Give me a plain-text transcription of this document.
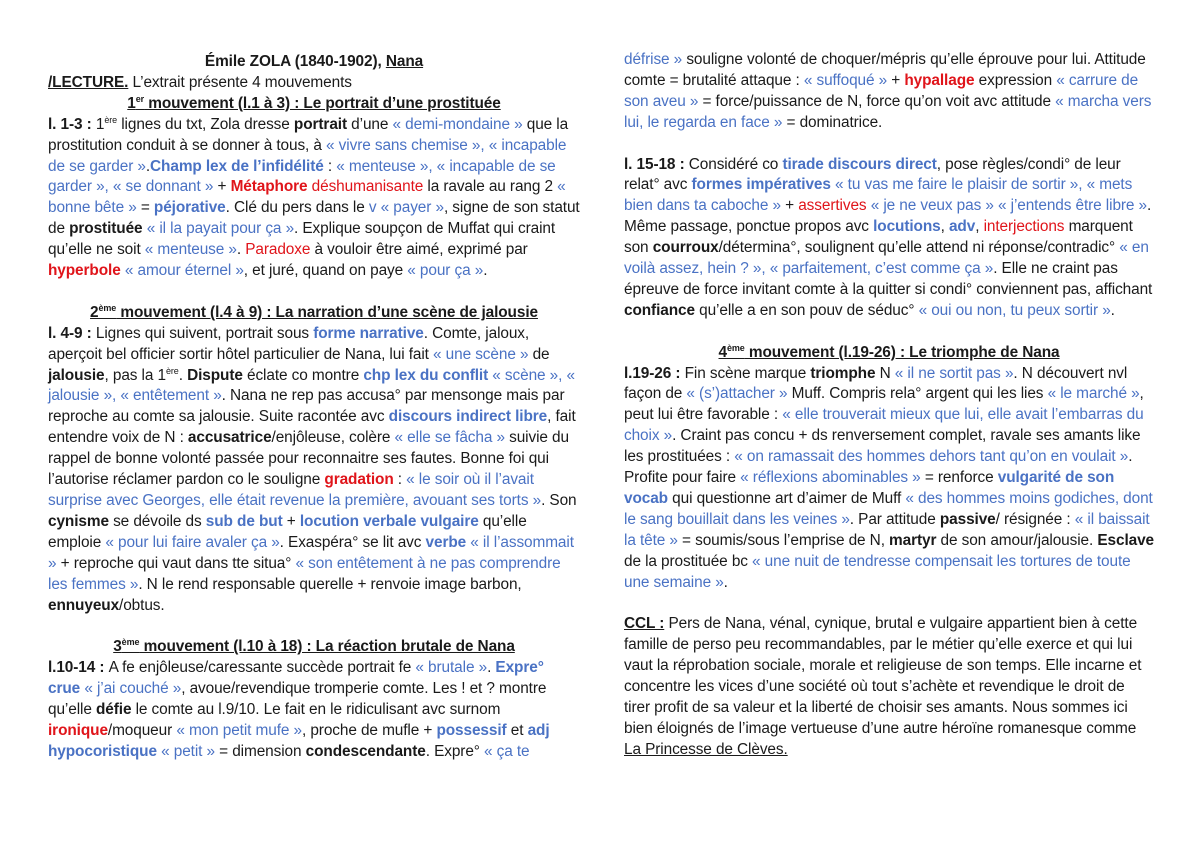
Émile ZOLA (1840-1902), Nana

/LECTURE. L’extrait présente 4 mouvements

1er mouvement (l.1 à 3) : Le portrait d’une prostituée

l. 1-3 : 1ère lignes du txt, Zola dresse portrait d’une « demi-mondaine » que la prostitution conduit à se donner à tous, à « vivre sans chemise », « incapable de se garder ».Champ lex de l’infidélité : « menteuse », « incapable de se garder », « se donnant » + Métaphore déshumanisante la ravale au rang 2 « bonne bête » = péjorative. Clé du pers dans le v « payer », signe de son statut de prostituée « il la payait pour ça ». Explique soupçon de Muffat qui craint qu’elle ne soit « menteuse ». Paradoxe à vouloir être aimé, exprimé par hyperbole « amour éternel », et juré, quand on paye « pour ça ».

2ème mouvement (l.4 à 9) : La narration d’une scène de jalousie

l. 4-9 : Lignes qui suivent, portrait sous forme narrative. Comte, jaloux, aperçoit bel officier sortir hôtel particulier de Nana, lui fait « une scène » de jalousie, pas la 1ère. Dispute éclate co montre chp lex du conflit « scène », « jalousie », « entêtement ». Nana ne rep pas accusa° par mensonge mais par reproche au comte sa jalousie. Suite racontée avc discours indirect libre, fait entendre voix de N : accusatrice/enjôleuse, colère « elle se fâcha » suivie du rappel de bonne volonté passée pour reconnaitre ses fautes. Bonne foi qui l’autorise réclamer pardon co le souligne gradation : « le soir où il l’avait surprise avec Georges, elle était revenue la première, avouant ses torts ». Son cynisme se dévoile ds sub de but + locution verbale vulgaire qu’elle emploie « pour lui faire avaler ça ». Exaspéra° se lit avc verbe « il l’assommait » + reproche qui vaut dans tte situa° « son entêtement à ne pas comprendre les femmes ». N le rend responsable querelle + renvoie image barbon, ennuyeux/obtus.

3ème mouvement (l.10 à 18) : La réaction brutale de Nana

l.10-14 : A fe enjôleuse/caressante succède portrait fe « brutale ». Expre° crue « j’ai couché », avoue/revendique tromperie comte. Les ! et ? montre qu’elle défie le comte au l.9/10. Le fait en le ridiculisant avc surnom ironique/moqueur « mon petit mufe », proche de mufle + possessif et adj hypocoristique « petit » = dimension condescendante. Expre° « ça te

défrise » souligne volonté de choquer/mépris qu’elle éprouve pour lui. Attitude comte = brutalité attaque : « suffoqué » + hypallage expression « carrure de son aveu » = force/puissance de N, force qu’on voit avc attitude « marcha vers lui, le regarda en face » = dominatrice.

l. 15-18 : Considéré co tirade discours direct, pose règles/condi° de leur relat° avc formes impératives « tu vas me faire le plaisir de sortir », « mets bien dans ta caboche » + assertives « je ne veux pas » « j’entends être libre ». Même passage, ponctue propos avc locutions, adv, interjections marquent son courroux/détermina°, soulignent qu’elle attend ni réponse/contradic° « en voilà assez, hein ? », « parfaitement, c’est comme ça ». Elle ne craint pas épreuve de force invitant comte à la quitter si condi° conviennent pas, affichant confiance qu’elle a en son pouv de séduc° « oui ou non, tu peux sortir ».

4ème mouvement (l.19-26) : Le triomphe de Nana

l.19-26 : Fin scène marque triomphe N « il ne sortit pas ». N découvert nvl façon de « (s’)attacher » Muff. Compris rela° argent qui les lies « le marché », peut lui être favorable : « elle trouverait mieux que lui, elle avait l’embarras du choix ». Craint pas concu + ds renversement complet, ravale ses amants like les prostituées : « on ramassait des hommes dehors tant qu’on en voulait ». Profite pour faire « réflexions abominables » = renforce vulgarité de son vocab qui questionne art d’aimer de Muff « des hommes moins godiches, dont le sang bouillait dans les veines ». Par attitude passive/ résignée : « il baissait la tête » = soumis/sous l’emprise de N, martyr de son amour/jalousie. Esclave de la prostituée bc « une nuit de tendresse compensait les tortures de toute une semaine ».

CCL : Pers de Nana, vénal, cynique, brutal e vulgaire appartient bien à cette famille de perso peu recommandables, par le métier qu’elle exerce et qui lui vaut la réprobation sociale, morale et religieuse de son temps. Elle incarne et concentre les vices d’une société où tout s’achète et revendique le droit de tirer profit de sa valeur et la liberté de choisir ses amants. Nous sommes ici bien éloignés de l’image vertueuse d’une autre héroïne romanesque comme La Princesse de Clèves.
